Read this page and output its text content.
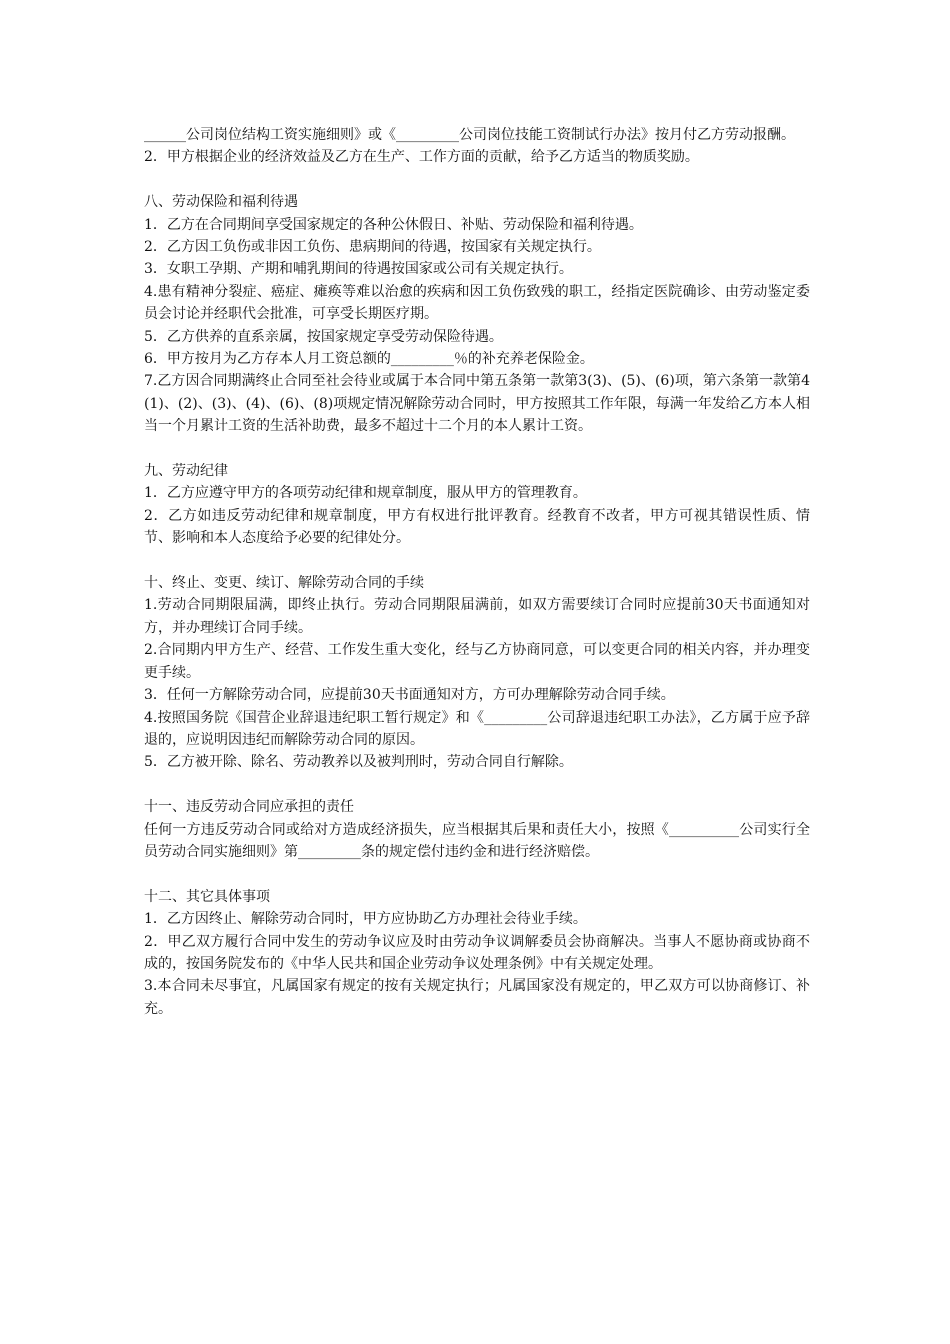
______公司岗位结构工资实施细则》或《_________公司岗位技能工资制试行办法》按月付乙方劳动报酬。

2．甲方根据企业的经济效益及乙方在生产、工作方面的贡献，给予乙方适当的物质奖励。

八、劳动保险和福利待遇

1．乙方在合同期间享受国家规定的各种公休假日、补贴、劳动保险和福利待遇。

2．乙方因工负伤或非因工负伤、患病期间的待遇，按国家有关规定执行。

3．女职工孕期、产期和哺乳期间的待遇按国家或公司有关规定执行。

4.患有精神分裂症、癌症、瘫痪等难以治愈的疾病和因工负伤致残的职工，经指定医院确诊、由劳动鉴定委员会讨论并经职代会批准，可享受长期医疗期。

5．乙方供养的直系亲属，按国家规定享受劳动保险待遇。

6．甲方按月为乙方存本人月工资总额的_________％的补充养老保险金。

7.乙方因合同期满终止合同至社会待业或属于本合同中第五条第一款第3(3)、(5)、(6)项，第六条第一款第4(1)、(2)、(3)、(4)、(6)、(8)项规定情况解除劳动合同时，甲方按照其工作年限，每满一年发给乙方本人相当一个月累计工资的生活补助费，最多不超过十二个月的本人累计工资。

九、劳动纪律

1．乙方应遵守甲方的各项劳动纪律和规章制度，服从甲方的管理教育。

2．乙方如违反劳动纪律和规章制度，甲方有权进行批评教育。经教育不改者，甲方可视其错误性质、情节、影响和本人态度给予必要的纪律处分。

十、终止、变更、续订、解除劳动合同的手续

1.劳动合同期限届满，即终止执行。劳动合同期限届满前，如双方需要续订合同时应提前30天书面通知对方，并办理续订合同手续。

2.合同期内甲方生产、经营、工作发生重大变化，经与乙方协商同意，可以变更合同的相关内容，并办理变更手续。

3．任何一方解除劳动合同，应提前30天书面通知对方，方可办理解除劳动合同手续。

4.按照国务院《国营企业辞退违纪职工暂行规定》和《_________公司辞退违纪职工办法》，乙方属于应予辞退的，应说明因违纪而解除劳动合同的原因。

5．乙方被开除、除名、劳动教养以及被判刑时，劳动合同自行解除。

十一、违反劳动合同应承担的责任

任何一方违反劳动合同或给对方造成经济损失，应当根据其后果和责任大小，按照《__________公司实行全员劳动合同实施细则》第_________条的规定偿付违约金和进行经济赔偿。

十二、其它具体事项

1．乙方因终止、解除劳动合同时，甲方应协助乙方办理社会待业手续。

2．甲乙双方履行合同中发生的劳动争议应及时由劳动争议调解委员会协商解决。当事人不愿协商或协商不成的，按国务院发布的《中华人民共和国企业劳动争议处理条例》中有关规定处理。

3.本合同未尽事宜，凡属国家有规定的按有关规定执行；凡属国家没有规定的，甲乙双方可以协商修订、补充。
